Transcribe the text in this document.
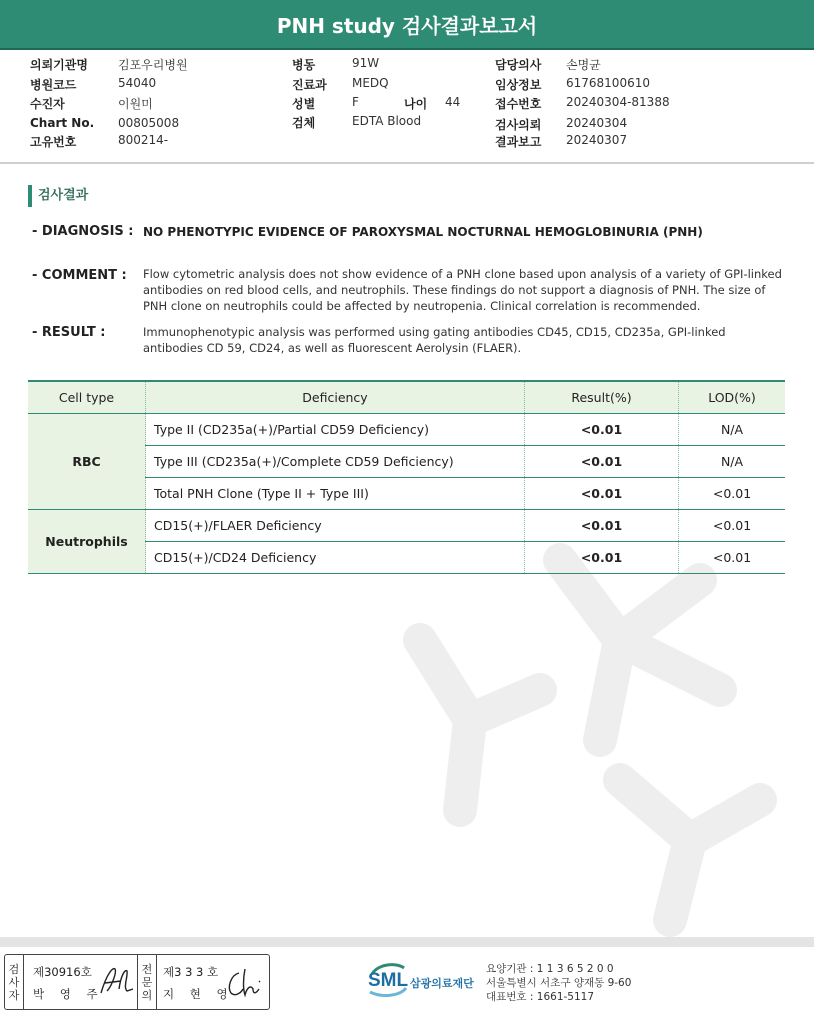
PNH study 검사결과보고서
의뢰기관명	김포우리병원
병원코드	54040
수진자	이원미
Chart No. 00805008
고유번호	800214-
병동	91W
진료과 MEDQ
성별	F	나이 44
검체	EDTA Blood
담당의사 손명균
임상정보 61768100610
접수번호 20240304-81388
검사의뢰 20240304
결과보고 20240307
검사결과
- DIAGNOSIS : NO PHENOTYPIC EVIDENCE OF PAROXYSMAL NOCTURNAL HEMOGLOBINURIA (PNH)
- COMMENT : Flow cytometric analysis does not show evidence of a PNH clone based upon analysis of a variety of GPI-linked antibodies on red blood cells, and neutrophils. These findings do not support a diagnosis of PNH. The size of PNH clone on neutrophils could be affected by neutropenia. Clinical correlation is recommended.
- RESULT :	Immunophenotypic analysis was performed using gating antibodies CD45, CD15, CD235a, GPI-linked antibodies CD 59, CD24, as well as fluorescent Aerolysin (FLAER).
Cell type	Deficiency	Result(%)	LOD(%)
RBC	Type II (CD235a(+)/Partial CD59 Deficiency)	<0.01	N/A
	Type III (CD235a(+)/Complete CD59 Deficiency)	<0.01	N/A
	Total PNH Clone (Type II + Type III)	<0.01	<0.01
Neutrophils	CD15(+)/FLAER Deficiency	<0.01	<0.01
	CD15(+)/CD24 Deficiency	<0.01	<0.01
검
사
자
제30916호
박 영 주
전
문
의
제3 3 3 호
지 현 영
SML 삼광의료재단
요양기관 : 1 1 3 6 5 2 0 0
서울특별시 서초구 양재동 9-60
대표번호 : 1661-5117
